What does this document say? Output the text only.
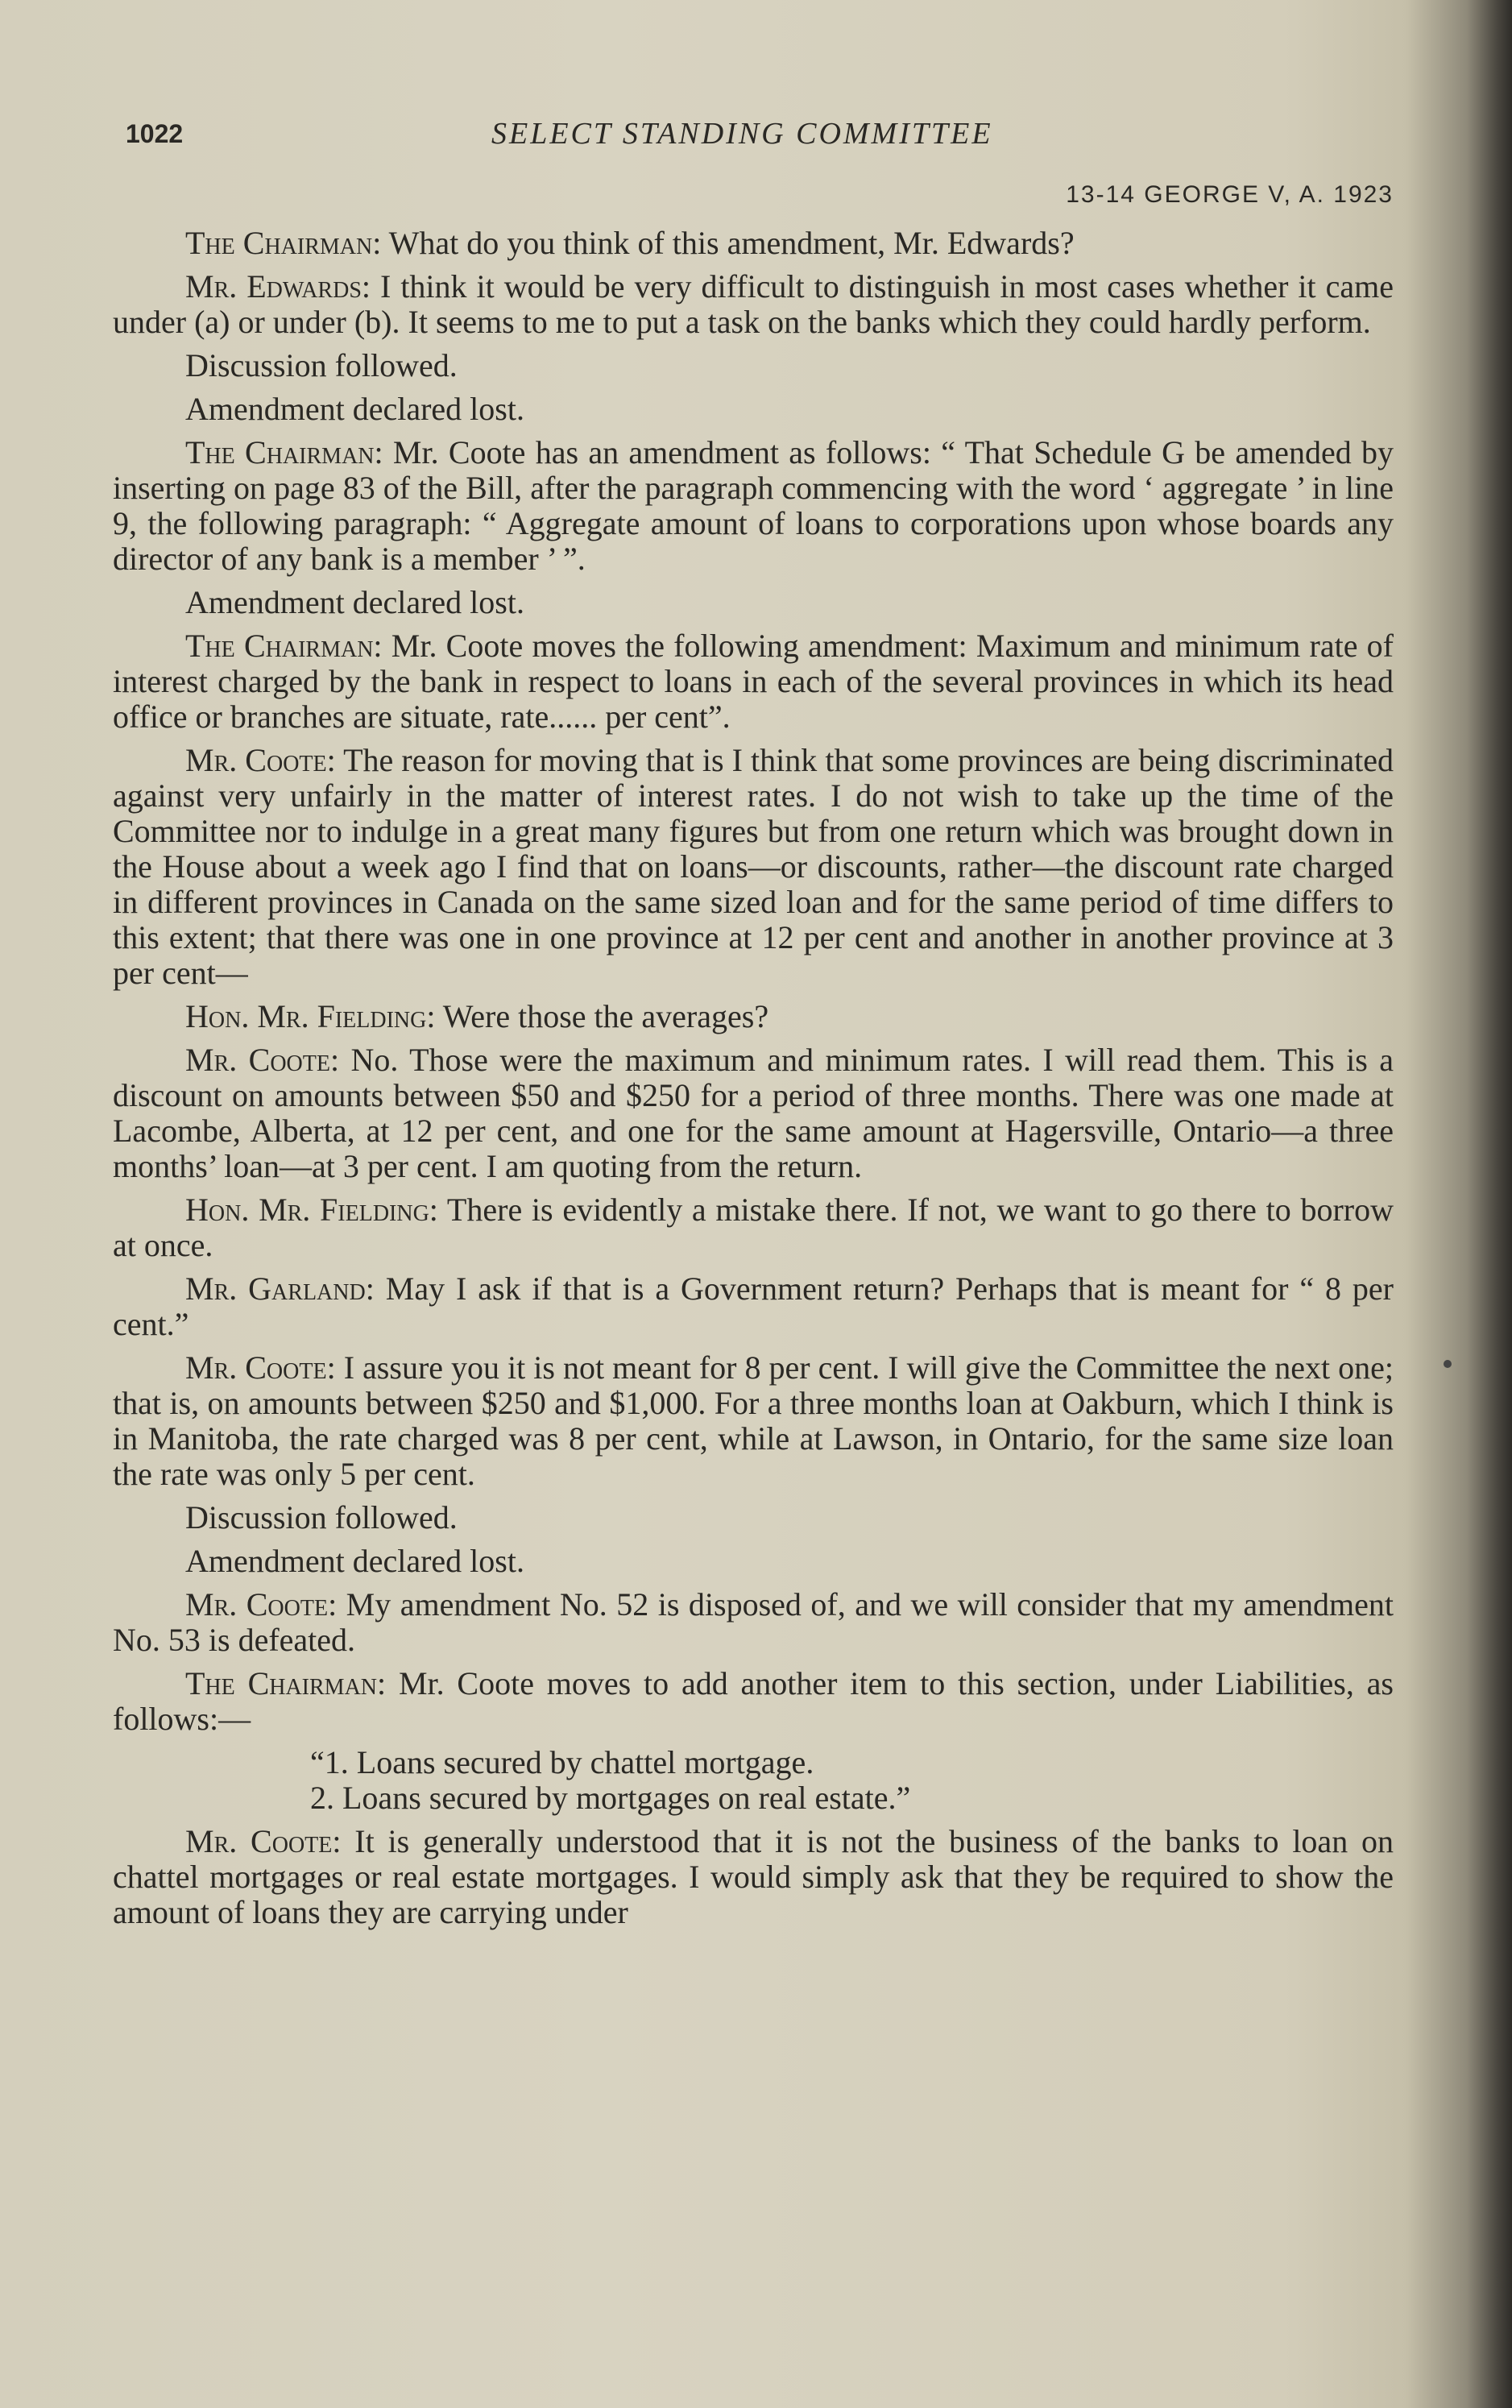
1022	SELECT STANDING COMMITTEE
13-14 GEORGE V, A. 1923

The Chairman: What do you think of this amendment, Mr. Edwards?

Mr. Edwards: I think it would be very difficult to distinguish in most cases whether it came under (a) or under (b). It seems to me to put a task on the banks which they could hardly perform.

Discussion followed.

Amendment declared lost.

The Chairman: Mr. Coote has an amendment as follows: “ That Schedule G be amended by inserting on page 83 of the Bill, after the paragraph commencing with the word ‘ aggregate ’ in line 9, the following paragraph: “ Aggregate amount of loans to corporations upon whose boards any director of any bank is a member ’ ”.

Amendment declared lost.

The Chairman: Mr. Coote moves the following amendment: Maximum and minimum rate of interest charged by the bank in respect to loans in each of the several provinces in which its head office or branches are situate, rate...... per cent”.

Mr. Coote: The reason for moving that is I think that some provinces are being discriminated against very unfairly in the matter of interest rates. I do not wish to take up the time of the Committee nor to indulge in a great many figures but from one return which was brought down in the House about a week ago I find that on loans—or discounts, rather—the discount rate charged in different provinces in Canada on the same sized loan and for the same period of time differs to this extent; that there was one in one province at 12 per cent and another in another province at 3 per cent—

Hon. Mr. Fielding: Were those the averages?

Mr. Coote: No. Those were the maximum and minimum rates. I will read them. This is a discount on amounts between $50 and $250 for a period of three months. There was one made at Lacombe, Alberta, at 12 per cent, and one for the same amount at Hagersville, Ontario—a three months’ loan—at 3 per cent. I am quoting from the return.

Hon. Mr. Fielding: There is evidently a mistake there. If not, we want to go there to borrow at once.

Mr. Garland: May I ask if that is a Government return? Perhaps that is meant for “ 8 per cent.”

Mr. Coote: I assure you it is not meant for 8 per cent. I will give the Committee the next one; that is, on amounts between $250 and $1,000. For a three months loan at Oakburn, which I think is in Manitoba, the rate charged was 8 per cent, while at Lawson, in Ontario, for the same size loan the rate was only 5 per cent.

Discussion followed.

Amendment declared lost.

Mr. Coote: My amendment No. 52 is disposed of, and we will consider that my amendment No. 53 is defeated.

The Chairman: Mr. Coote moves to add another item to this section, under Liabilities, as follows:—

“1. Loans secured by chattel mortgage.

2. Loans secured by mortgages on real estate.”

Mr. Coote: It is generally understood that it is not the business of the banks to loan on chattel mortgages or real estate mortgages. I would simply ask that they be required to show the amount of loans they are carrying under
